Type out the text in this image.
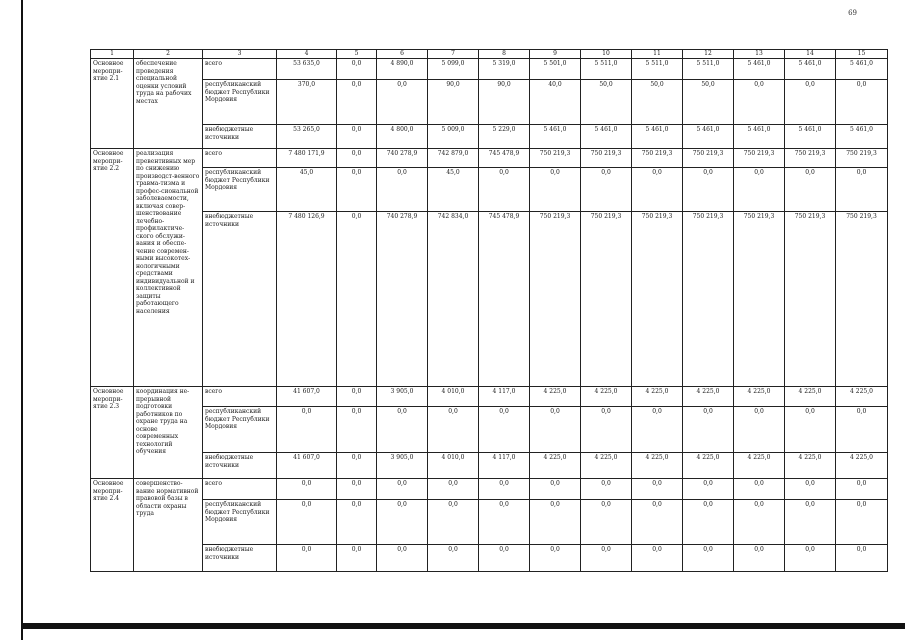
69
1	2	3	4	5	6	7	8	9	10	11	12	13	14	15
Основное меропри-ятие 2.1	обеспечение проведения специальной оценки условий труда на рабочих местах	всего	53 635,0	0,0	4 890,0	5 099,0	5 319,0	5 501,0	5 511,0	5 511,0	5 511,0	5 461,0	5 461,0	5 461,0
		республиканский бюджет Республики Мордовия	370,0	0,0	0,0	90,0	90,0	40,0	50,0	50,0	50,0	0,0	0,0	0,0
		внебюджетные источники	53 265,0	0,0	4 800,0	5 009,0	5 229,0	5 461,0	5 461,0	5 461,0	5 461,0	5 461,0	5 461,0	5 461,0
Основное меропри-ятие 2.2	реализация превентивных мер по снижению производст-венного травма-тизма и профес-сиональной заболеваемости, включая совер-шенствование лечебно-профилактиче-ского обслужи-вания и обеспе-чение современ-ными высокотех-нологичными средствами индивидуальной и коллективной защиты работающего населения	всего	7 480 171,9	0,0	740 278,9	742 879,0	745 478,9	750 219,3	750 219,3	750 219,3	750 219,3	750 219,3	750 219,3	750 219,3
		республиканский бюджет Республики Мордовия	45,0	0,0	0,0	45,0	0,0	0,0	0,0	0,0	0,0	0,0	0,0	0,0
		внебюджетные источники	7 480 126,9	0,0	740 278,9	742 834,0	745 478,9	750 219,3	750 219,3	750 219,3	750 219,3	750 219,3	750 219,3	750 219,3
Основное меропри-ятие 2.3	координация не-прерывной подготовки работников по охране труда на основе современных технологий обучения	всего	41 607,0	0,0	3 905,0	4 010,0	4 117,0	4 225,0	4 225,0	4 225,0	4 225,0	4 225,0	4 225,0	4 225,0
		республиканский бюджет Республики Мордовия	0,0	0,0	0,0	0,0	0,0	0,0	0,0	0,0	0,0	0,0	0,0	0,0
		внебюджетные источники	41 607,0	0,0	3 905,0	4 010,0	4 117,0	4 225,0	4 225,0	4 225,0	4 225,0	4 225,0	4 225,0	4 225,0
Основное меропри-ятие 2.4	совершенство-вание нормативной правовой базы в области охраны труда	всего	0,0	0,0	0,0	0,0	0,0	0,0	0,0	0,0	0,0	0,0	0,0	0,0
		республиканский бюджет Республики Мордовия	0,0	0,0	0,0	0,0	0,0	0,0	0,0	0,0	0,0	0,0	0,0	0,0
		внебюджетные источники	0,0	0,0	0,0	0,0	0,0	0,0	0,0	0,0	0,0	0,0	0,0	0,0
